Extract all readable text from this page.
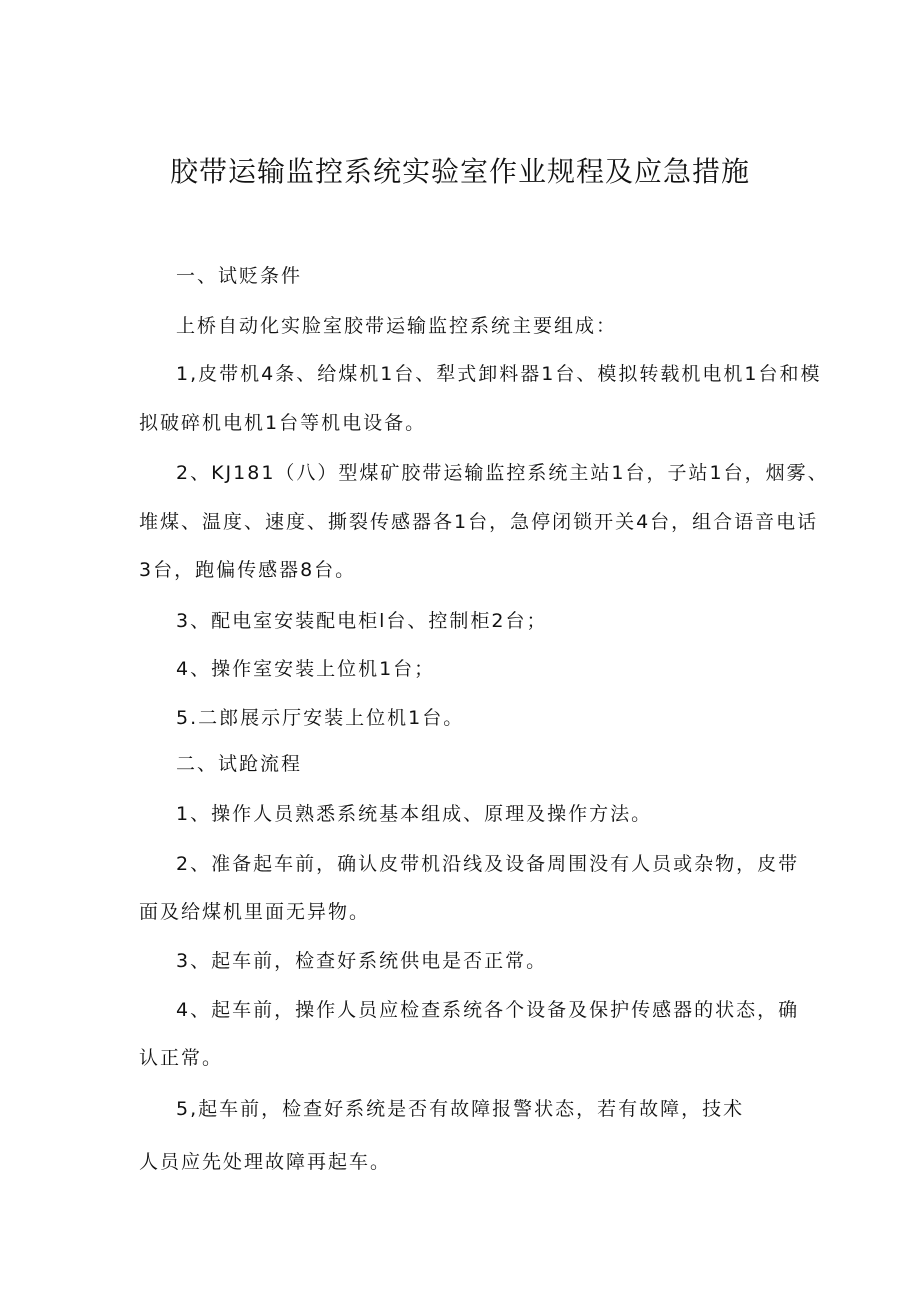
胶带运输监控系统实验室作业规程及应急措施
一、试贬条件
上桥自动化实脸室胶带运输监控系统主要组成：
1,皮带机4条、给煤机1台、犁式卸料器1台、模拟转载机电机1台和模
拟破碎机电机1台等机电设备。
2、KJ181（八）型煤矿胶带运输监控系统主站1台，子站1台，烟雾、
堆煤、温度、速度、撕裂传感器各1台，急停闭锁开关4台，组合语音电话
3台，跑偏传感器8台。
3、配电室安装配电柜l台、控制柜2台；
4、操作室安装上位机1台；
5.二郎展示厅安装上位机1台。
二、试跄流程
1、操作人员熟悉系统基本组成、原理及操作方法。
2、准备起车前，确认皮带机沿线及设备周围没有人员或杂物，皮带
面及给煤机里面无异物。
3、起车前，检查好系统供电是否正常。
4、起车前，操作人员应检查系统各个设备及保护传感器的状态，确
认正常。
5,起车前，检查好系统是否有故障报警状态，若有故障，技术
人员应先处理故障再起车。
